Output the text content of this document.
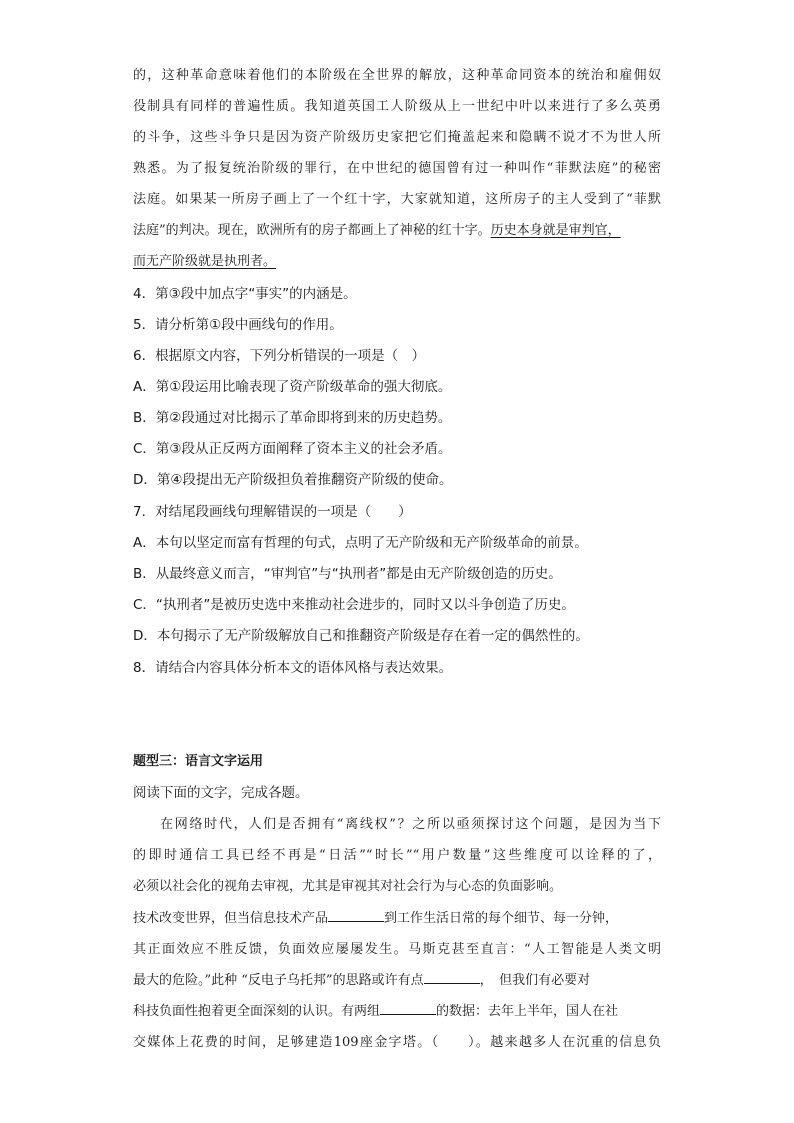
的，这种革命意味着他们的本阶级在全世界的解放，这种革命同资本的统治和雇佣奴
役制具有同样的普遍性质。我知道英国工人阶级从上一世纪中叶以来进行了多么英勇
的斗争，这些斗争只是因为资产阶级历史家把它们掩盖起来和隐瞒不说才不为世人所
熟悉。为了报复统治阶级的罪行，在中世纪的德国曾有过一种叫作“菲默法庭”的秘密
法庭。如果某一所房子画上了一个红十字，大家就知道，这所房子的主人受到了“菲默
法庭”的判决。现在，欧洲所有的房子都画上了神秘的红十字。历史本身就是审判官，
而无产阶级就是执刑者。
4．第③段中加点字“事实”的内涵是。
5．请分析第①段中画线句的作用。
6．根据原文内容，下列分析错误的一项是（　）
A．第①段运用比喻表现了资产阶级革命的强大彻底。
B．第②段通过对比揭示了革命即将到来的历史趋势。
C．第③段从正反两方面阐释了资本主义的社会矛盾。
D．第④段提出无产阶级担负着推翻资产阶级的使命。
7．对结尾段画线句理解错误的一项是（　　）
A．本句以坚定而富有哲理的句式，点明了无产阶级和无产阶级革命的前景。
B．从最终意义而言，“审判官”与“执刑者”都是由无产阶级创造的历史。
C．“执刑者”是被历史选中来推动社会进步的，同时又以斗争创造了历史。
D．本句揭示了无产阶级解放自己和推翻资产阶级是存在着一定的偶然性的。
8．请结合内容具体分析本文的语体风格与表达效果。
题型三：语言文字运用
阅读下面的文字，完成各题。
在网络时代，人们是否拥有“离线权”？之所以亟须探讨这个问题，是因为当下
的即时通信工具已经不再是“日活”“时长”“用户数量”这些维度可以诠释的了，
必须以社会化的视角去审视，尤其是审视其对社会行为与心态的负面影响。
技术改变世界，但当信息技术产品	到工作生活日常的每个细节、每一分钟，
其正面效应不胜反馈，负面效应屡屡发生。马斯克甚至直言：“人工智能是人类文明
最大的危险。”此种 “反电子乌托邦”的思路或许有点	，　但我们有必要对
科技负面性抱着更全面深刻的认识。有两组	的数据：去年上半年，国人在社
交媒体上花费的时间，足够建造109座金字塔。（　　）。越来越多人在沉重的信息负
